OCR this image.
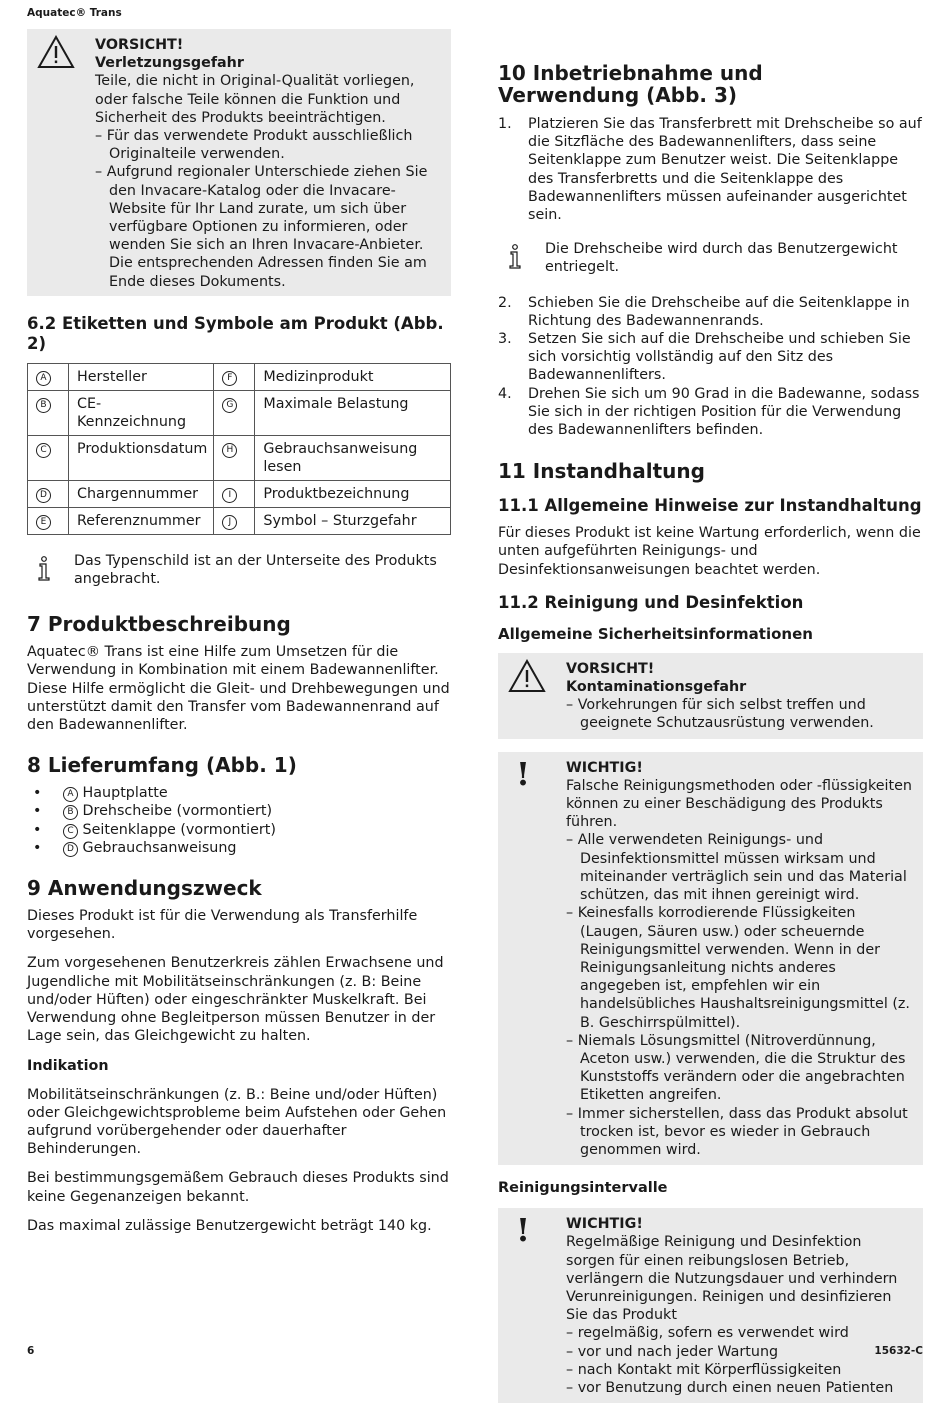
Aquatec® Trans
VORSICHT!
Verletzungsgefahr
Teile, die nicht in Original-Qualität vorliegen, oder falsche Teile können die Funktion und Sicherheit des Produkts beeinträchtigen.
– Für das verwendete Produkt ausschließlich Originalteile verwenden.
– Aufgrund regionaler Unterschiede ziehen Sie den Invacare-Katalog oder die Invacare-Website für Ihr Land zurate, um sich über verfügbare Optionen zu informieren, oder wenden Sie sich an Ihren Invacare-Anbieter. Die entsprechenden Adressen finden Sie am Ende dieses Dokuments.
6.2 Etiketten und Symbole am Produkt (Abb. 2)
A	Hersteller	F	Medizinprodukt
B	CE-Kennzeichnung	G	Maximale Belastung
C	Produktionsdatum	H	Gebrauchsanweisung lesen
D	Chargennummer	I	Produktbezeichnung
E	Referenznummer	J	Symbol – Sturzgefahr

Das Typenschild ist an der Unterseite des Produkts angebracht.

7 Produktbeschreibung

Aquatec® Trans ist eine Hilfe zum Umsetzen für die Verwendung in Kombination mit einem Badewannenlifter. Diese Hilfe ermöglicht die Gleit- und Drehbewegungen und unterstützt damit den Transfer vom Badewannenrand auf den Badewannenlifter.

8 Lieferumfang (Abb. 1)
• A Hauptplatte
• B Drehscheibe (vormontiert)
• C Seitenklappe (vormontiert)
• D Gebrauchsanweisung
9 Anwendungszweck

Dieses Produkt ist für die Verwendung als Transferhilfe vorgesehen.

Zum vorgesehenen Benutzerkreis zählen Erwachsene und Jugendliche mit Mobilitätseinschränkungen (z. B: Beine und/oder Hüften) oder eingeschränkter Muskelkraft. Bei Verwendung ohne Begleitperson müssen Benutzer in der Lage sein, das Gleichgewicht zu halten.

Indikation

Mobilitätseinschränkungen (z. B.: Beine und/oder Hüften) oder Gleichgewichtsprobleme beim Aufstehen oder Gehen aufgrund vorübergehender oder dauerhafter Behinderungen.

Bei bestimmungsgemäßem Gebrauch dieses Produkts sind keine Gegenanzeigen bekannt.

Das maximal zulässige Benutzergewicht beträgt 140 kg.

10 Inbetriebnahme und Verwendung (Abb. 3)
1. Platzieren Sie das Transferbrett mit Drehscheibe so auf die Sitzfläche des Badewannenlifters, dass seine Seitenklappe zum Benutzer weist. Die Seitenklappe des Transferbretts und die Seitenklappe des Badewannenlifters müssen aufeinander ausgerichtet sein.

Die Drehscheibe wird durch das Benutzergewicht entriegelt.

2. Schieben Sie die Drehscheibe auf die Seitenklappe in Richtung des Badewannenrands.
3. Setzen Sie sich auf die Drehscheibe und schieben Sie sich vorsichtig vollständig auf den Sitz des Badewannenlifters.
4. Drehen Sie sich um 90 Grad in die Badewanne, sodass Sie sich in der richtigen Position für die Verwendung des Badewannenlifters befinden.
11 Instandhaltung
11.1 Allgemeine Hinweise zur Instandhaltung

Für dieses Produkt ist keine Wartung erforderlich, wenn die unten aufgeführten Reinigungs- und Desinfektionsanweisungen beachtet werden.

11.2 Reinigung und Desinfektion
Allgemeine Sicherheitsinformationen
VORSICHT!
Kontaminationsgefahr
– Vorkehrungen für sich selbst treffen und geeignete Schutzausrüstung verwenden.
!	WICHTIG!
Falsche Reinigungsmethoden oder -flüssigkeiten können zu einer Beschädigung des Produkts führen.
– Alle verwendeten Reinigungs- und Desinfektionsmittel müssen wirksam und miteinander verträglich sein und das Material schützen, das mit ihnen gereinigt wird.
– Keinesfalls korrodierende Flüssigkeiten (Laugen, Säuren usw.) oder scheuernde Reinigungsmittel verwenden. Wenn in der Reinigungsanleitung nichts anderes angegeben ist, empfehlen wir ein handelsübliches Haushaltsreinigungsmittel (z. B. Geschirrspülmittel).
– Niemals Lösungsmittel (Nitroverdünnung, Aceton usw.) verwenden, die die Struktur des Kunststoffs verändern oder die angebrachten Etiketten angreifen.
– Immer sicherstellen, dass das Produkt absolut trocken ist, bevor es wieder in Gebrauch genommen wird.
Reinigungsintervalle
!	WICHTIG!
Regelmäßige Reinigung und Desinfektion sorgen für einen reibungslosen Betrieb, verlängern die Nutzungsdauer und verhindern Verunreinigungen. Reinigen und desinfizieren Sie das Produkt
– regelmäßig, sofern es verwendet wird
– vor und nach jeder Wartung
– nach Kontakt mit Körperflüssigkeiten
– vor Benutzung durch einen neuen Patienten
6	15632-C
